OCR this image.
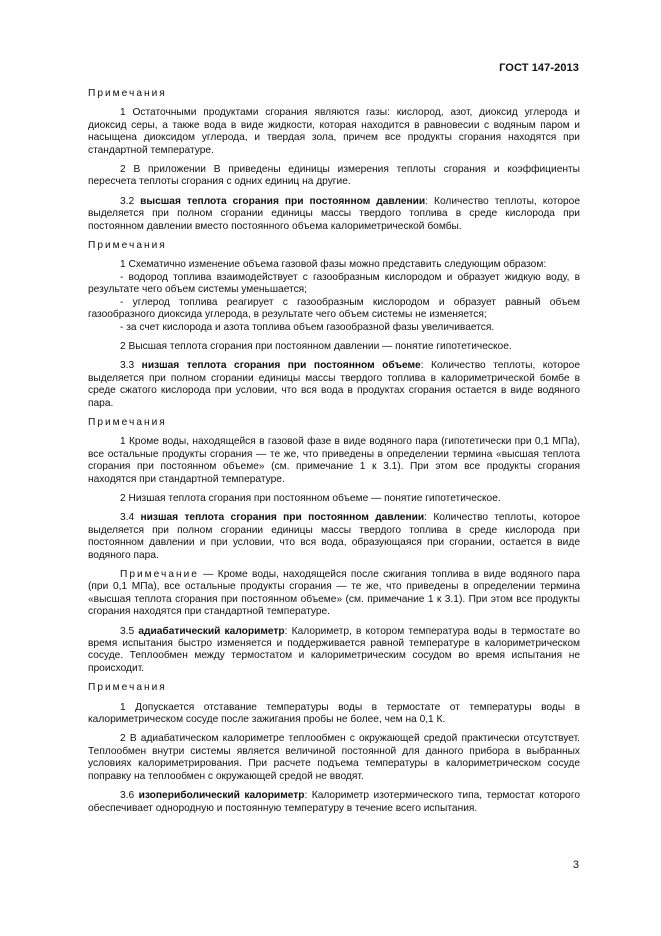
ГОСТ 147-2013

Примечания

1 Остаточными продуктами сгорания являются газы: кислород, азот, диоксид углерода и диоксид серы, а также вода в виде жидкости, которая находится в равновесии с водяным паром и насыщена диоксидом углерода, и твердая зола, причем все продукты сгорания находятся при стандартной температуре.

2 В приложении В приведены единицы измерения теплоты сгорания и коэффициенты пересчета теплоты сгорания с одних единиц на другие.

3.2 высшая теплота сгорания при постоянном давлении: Количество теплоты, которое выделяется при полном сгорании единицы массы твердого топлива в среде кислорода при постоянном давлении вместо постоянного объема калориметрической бомбы.

Примечания

1 Схематично изменение объема газовой фазы можно представить следующим образом:

- водород топлива взаимодействует с газообразным кислородом и образует жидкую воду, в результате чего объем системы уменьшается;

- углерод топлива реагирует с газообразным кислородом и образует равный объем газообразного диоксида углерода, в результате чего объем системы не изменяется;

- за счет кислорода и азота топлива объем газообразной фазы увеличивается.

2 Высшая теплота сгорания при постоянном давлении — понятие гипотетическое.

3.3 низшая теплота сгорания при постоянном объеме: Количество теплоты, которое выделяется при полном сгорании единицы массы твердого топлива в калориметрической бомбе в среде сжатого кислорода при условии, что вся вода в продуктах сгорания остается в виде водяного пара.

Примечания

1 Кроме воды, находящейся в газовой фазе в виде водяного пара (гипотетически при 0,1 МПа), все остальные продукты сгорания — те же, что приведены в определении термина «высшая теплота сгорания при постоянном объеме» (см. примечание 1 к 3.1). При этом все продукты сгорания находятся при стандартной температуре.

2 Низшая теплота сгорания при постоянном объеме — понятие гипотетическое.

3.4 низшая теплота сгорания при постоянном давлении: Количество теплоты, которое выделяется при полном сгорании единицы массы твердого топлива в среде кислорода при постоянном давлении и при условии, что вся вода, образующаяся при сгорании, остается в виде водяного пара.

Примечание — Кроме воды, находящейся после сжигания топлива в виде водяного пара (при 0,1 МПа), все остальные продукты сгорания — те же, что приведены в определении термина «высшая теплота сгорания при постоянном объеме» (см. примечание 1 к 3.1). При этом все продукты сгорания находятся при стандартной температуре.

3.5 адиабатический калориметр: Калориметр, в котором температура воды в термостате во время испытания быстро изменяется и поддерживается равной температуре в калориметрическом сосуде. Теплообмен между термостатом и калориметрическим сосудом во время испытания не происходит.

Примечания

1 Допускается отставание температуры воды в термостате от температуры воды в калориметрическом сосуде после зажигания пробы не более, чем на 0,1 К.

2 В адиабатическом калориметре теплообмен с окружающей средой практически отсутствует. Теплообмен внутри системы является величиной постоянной для данного прибора в выбранных условиях калориметрирования. При расчете подъема температуры в калориметрическом сосуде поправку на теплообмен с окружающей средой не вводят.

3.6 изопериболический калориметр: Калориметр изотермического типа, термостат которого обеспечивает однородную и постоянную температуру в течение всего испытания.

3
